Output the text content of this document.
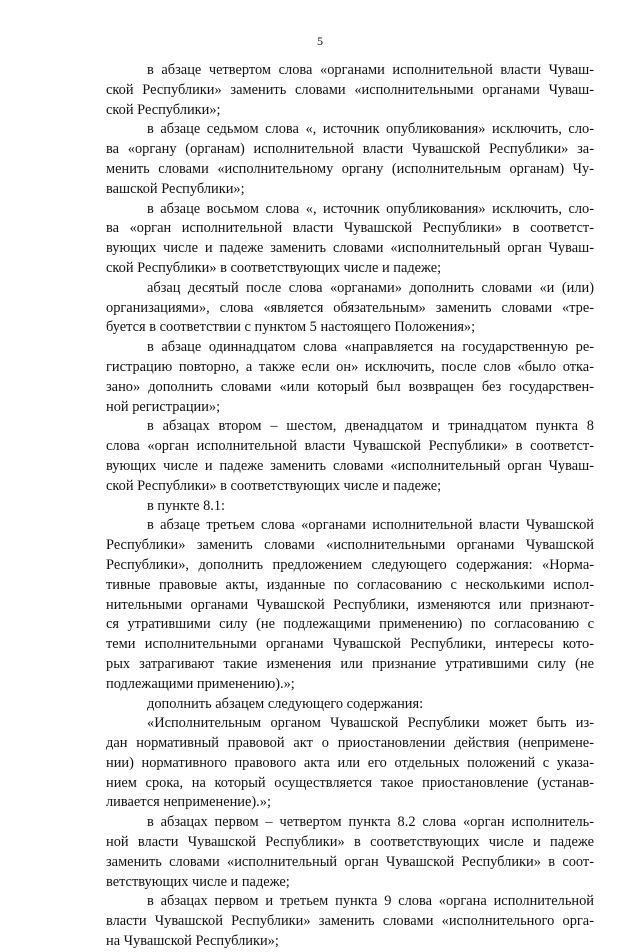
5
в абзаце четвертом слова «органами исполнительной власти Чуваш-
ской Республики» заменить словами «исполнительными органами Чуваш-
ской Республики»;
в абзаце седьмом слова «, источник опубликования» исключить, сло-
ва «органу (органам) исполнительной власти Чувашской Республики» за-
менить словами «исполнительному органу (исполнительным органам) Чу-
вашской Республики»;
в абзаце восьмом слова «, источник опубликования» исключить, сло-
ва «орган исполнительной власти Чувашской Республики» в соответст-
вующих числе и падеже заменить словами «исполнительный орган Чуваш-
ской Республики» в соответствующих числе и падеже;
абзац десятый после слова «органами» дополнить словами «и (или)
организациями», слова «является обязательным» заменить словами «тре-
буется в соответствии с пунктом 5 настоящего Положения»;
в абзаце одиннадцатом слова «направляется на государственную ре-
гистрацию повторно, а также если он» исключить, после слов «было отка-
зано» дополнить словами «или который был возвращен без государствен-
ной регистрации»;
в абзацах втором – шестом, двенадцатом и тринадцатом пункта 8
слова «орган исполнительной власти Чувашской Республики» в соответст-
вующих числе и падеже заменить словами «исполнительный орган Чуваш-
ской Республики» в соответствующих числе и падеже;
в пункте 8.1:
в абзаце третьем слова «органами исполнительной власти Чувашской
Республики» заменить словами «исполнительными органами Чувашской
Республики», дополнить предложением следующего содержания: «Норма-
тивные правовые акты, изданные по согласованию с несколькими испол-
нительными органами Чувашской Республики, изменяются или признают-
ся утратившими силу (не подлежащими применению) по согласованию с
теми исполнительными органами Чувашской Республики, интересы кото-
рых затрагивают такие изменения или признание утратившими силу (не
подлежащими применению).»;
дополнить абзацем следующего содержания:
«Исполнительным органом Чувашской Республики может быть из-
дан нормативный правовой акт о приостановлении действия (непримене-
нии) нормативного правового акта или его отдельных положений с указа-
нием срока, на который осуществляется такое приостановление (устанав-
ливается неприменение).»;
в абзацах первом – четвертом пункта 8.2 слова «орган исполнитель-
ной власти Чувашской Республики» в соответствующих числе и падеже
заменить словами «исполнительный орган Чувашской Республики» в соот-
ветствующих числе и падеже;
в абзацах первом и третьем пункта 9 слова «органа исполнительной
власти Чувашской Республики» заменить словами «исполнительного орга-
на Чувашской Республики»;
